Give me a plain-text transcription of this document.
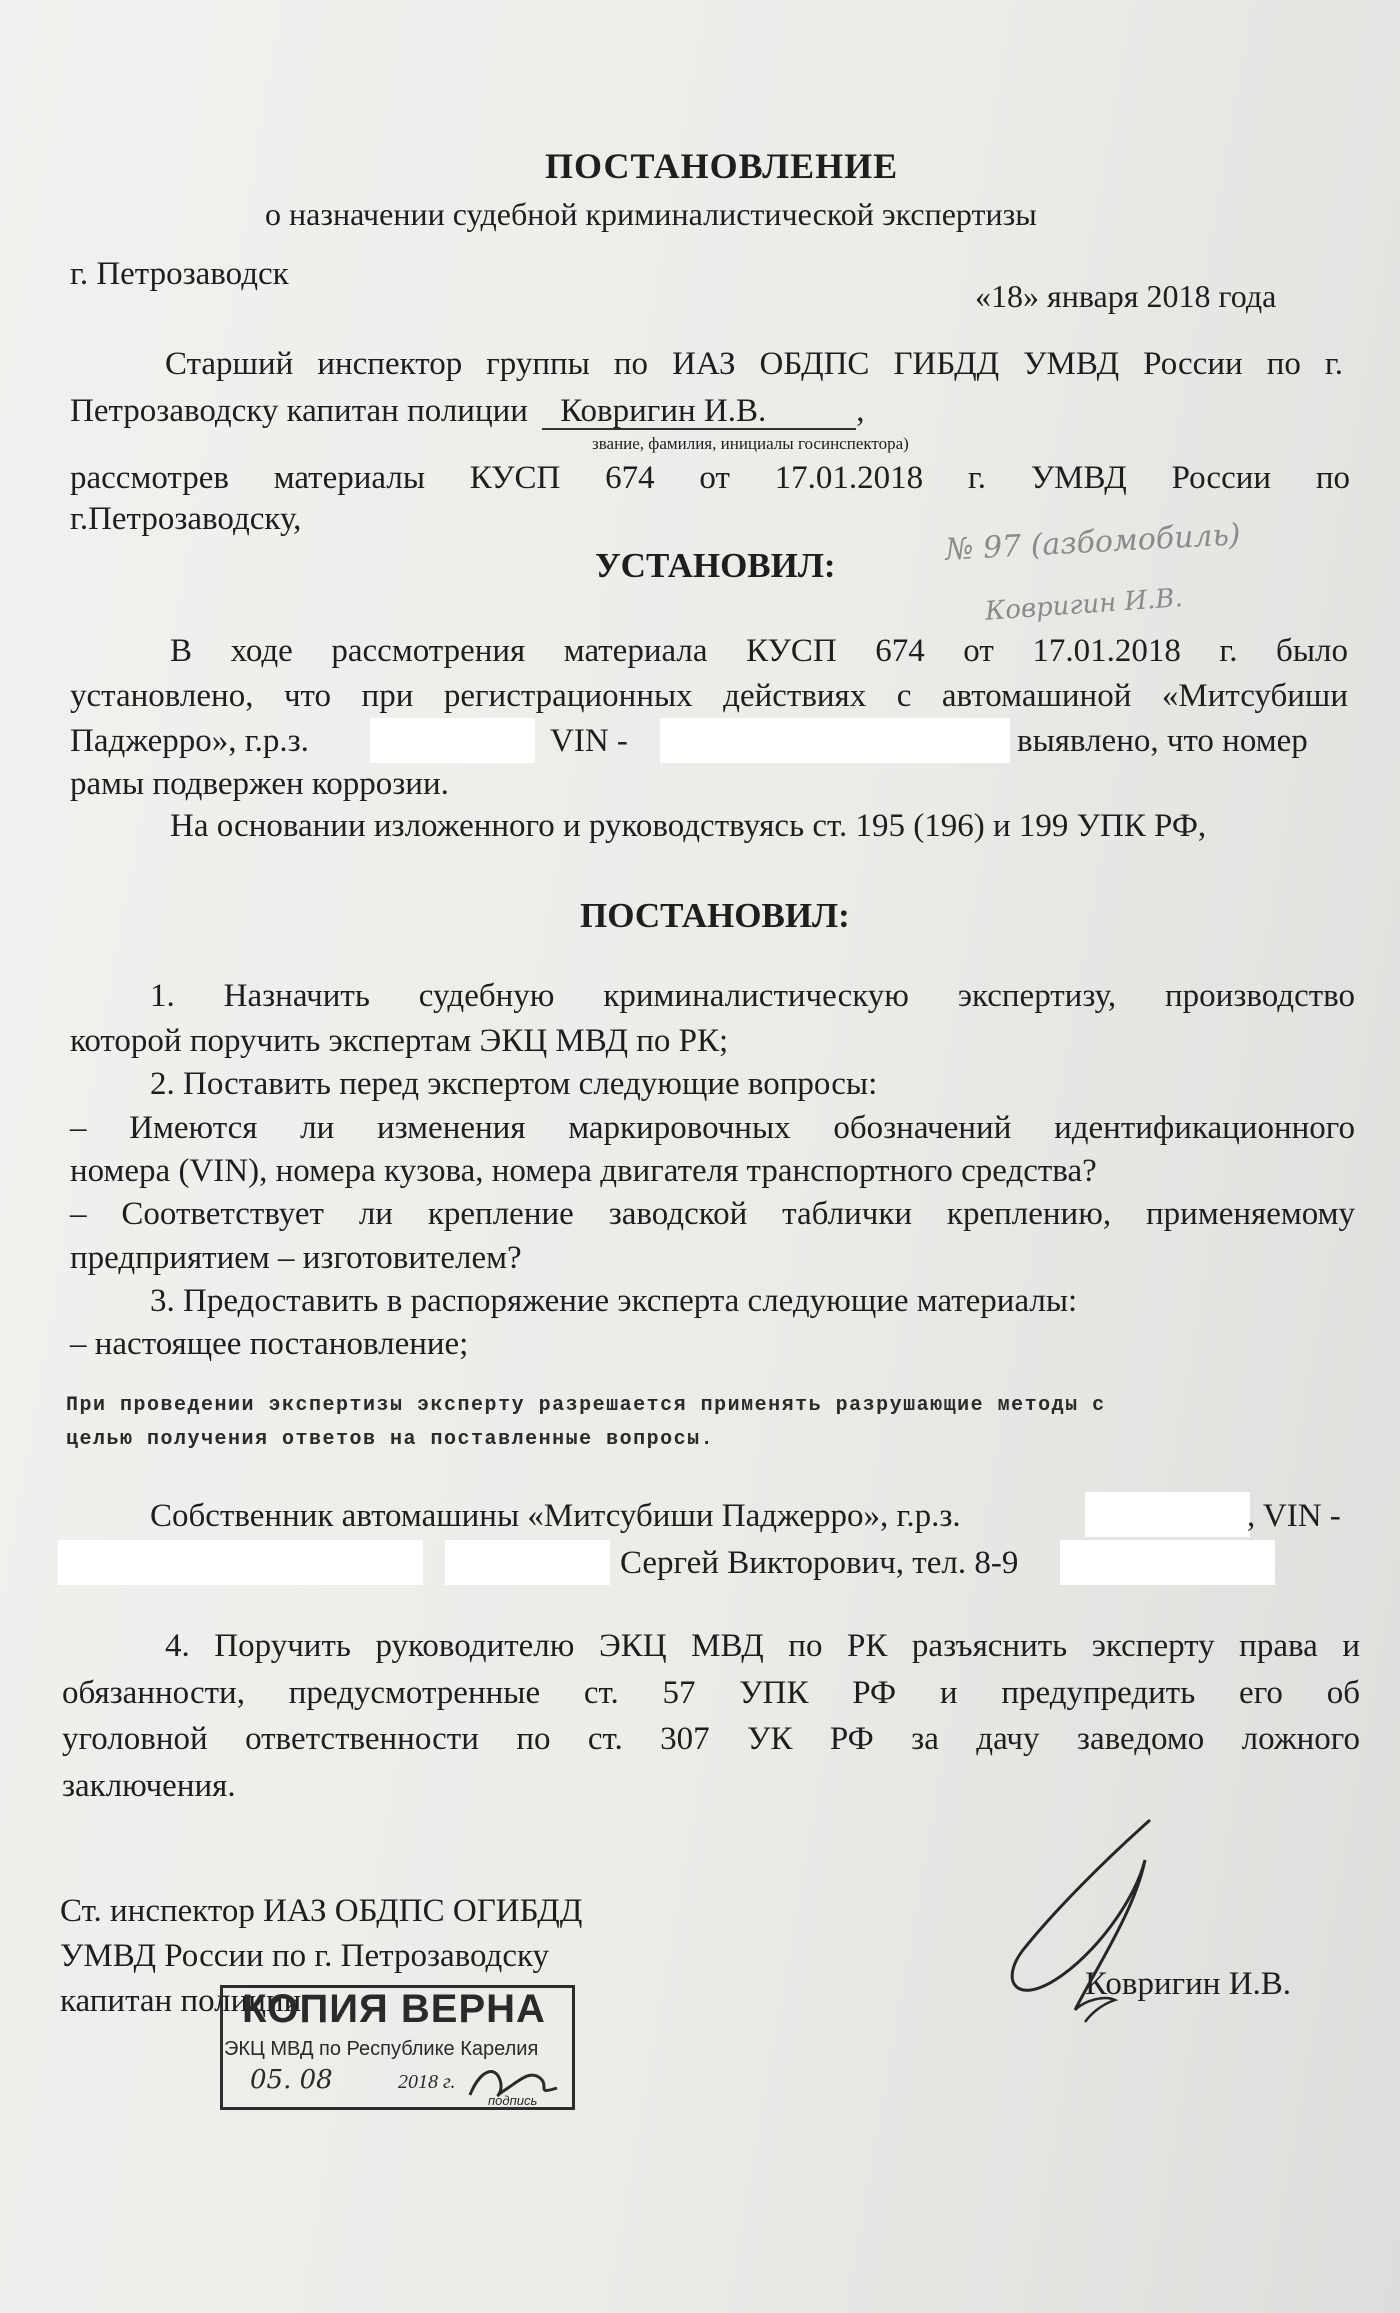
ПОСТАНОВЛЕНИЕ
о назначении судебной криминалистической экспертизы
г. Петрозаводск
«18» января 2018 года
Старший инспектор группы по ИАЗ ОБДПС ГИБДД УМВД России по г.
Петрозаводску капитан полиции Ковригин И.В.	,
звание, фамилия, инициалы госинспектора)
рассмотрев материалы КУСП 674 от 17.01.2018 г. УМВД России по
г.Петрозаводску,	№ 97 (азбомобиль)
Ковригин И.В.
УСТАНОВИЛ:
В ходе рассмотрения материала КУСП 674 от 17.01.2018 г. было
установлено, что при регистрационных действиях с автомашиной «Митсубиши
Паджерро», г.р.з.	VIN -	выявлено, что номер
рамы подвержен коррозии.
На основании изложенного и руководствуясь ст. 195 (196) и 199 УПК РФ,
ПОСТАНОВИЛ:
1. Назначить судебную криминалистическую экспертизу, производство
которой поручить экспертам ЭКЦ МВД по РК;
2. Поставить перед экспертом следующие вопросы:
– Имеются ли изменения маркировочных обозначений идентификационного
номера (VIN), номера кузова, номера двигателя транспортного средства?
– Соответствует ли крепление заводской таблички креплению, применяемому
предприятием – изготовителем?
3. Предоставить в распоряжение эксперта следующие материалы:
– настоящее постановление;
При проведении экспертизы эксперту разрешается применять разрушающие методы с
целью получения ответов на поставленные вопросы.
Собственник автомашины «Митсубиши Паджерро», г.р.з.	, VIN -
Сергей Викторович, тел. 8-9
4. Поручить руководителю ЭКЦ МВД по РК разъяснить эксперту права и
обязанности, предусмотренные ст. 57 УПК РФ и предупредить его об
уголовной ответственности по ст. 307 УК РФ за дачу заведомо ложного
заключения.
Ст. инспектор ИАЗ ОБДПС ОГИБДД
УМВД России по г. Петрозаводску
капитан полиции	Ковригин И.В.
КОПИЯ ВЕРНА
ЭКЦ МВД по Республике Карелия
05. 08	2018 г.
подпись
